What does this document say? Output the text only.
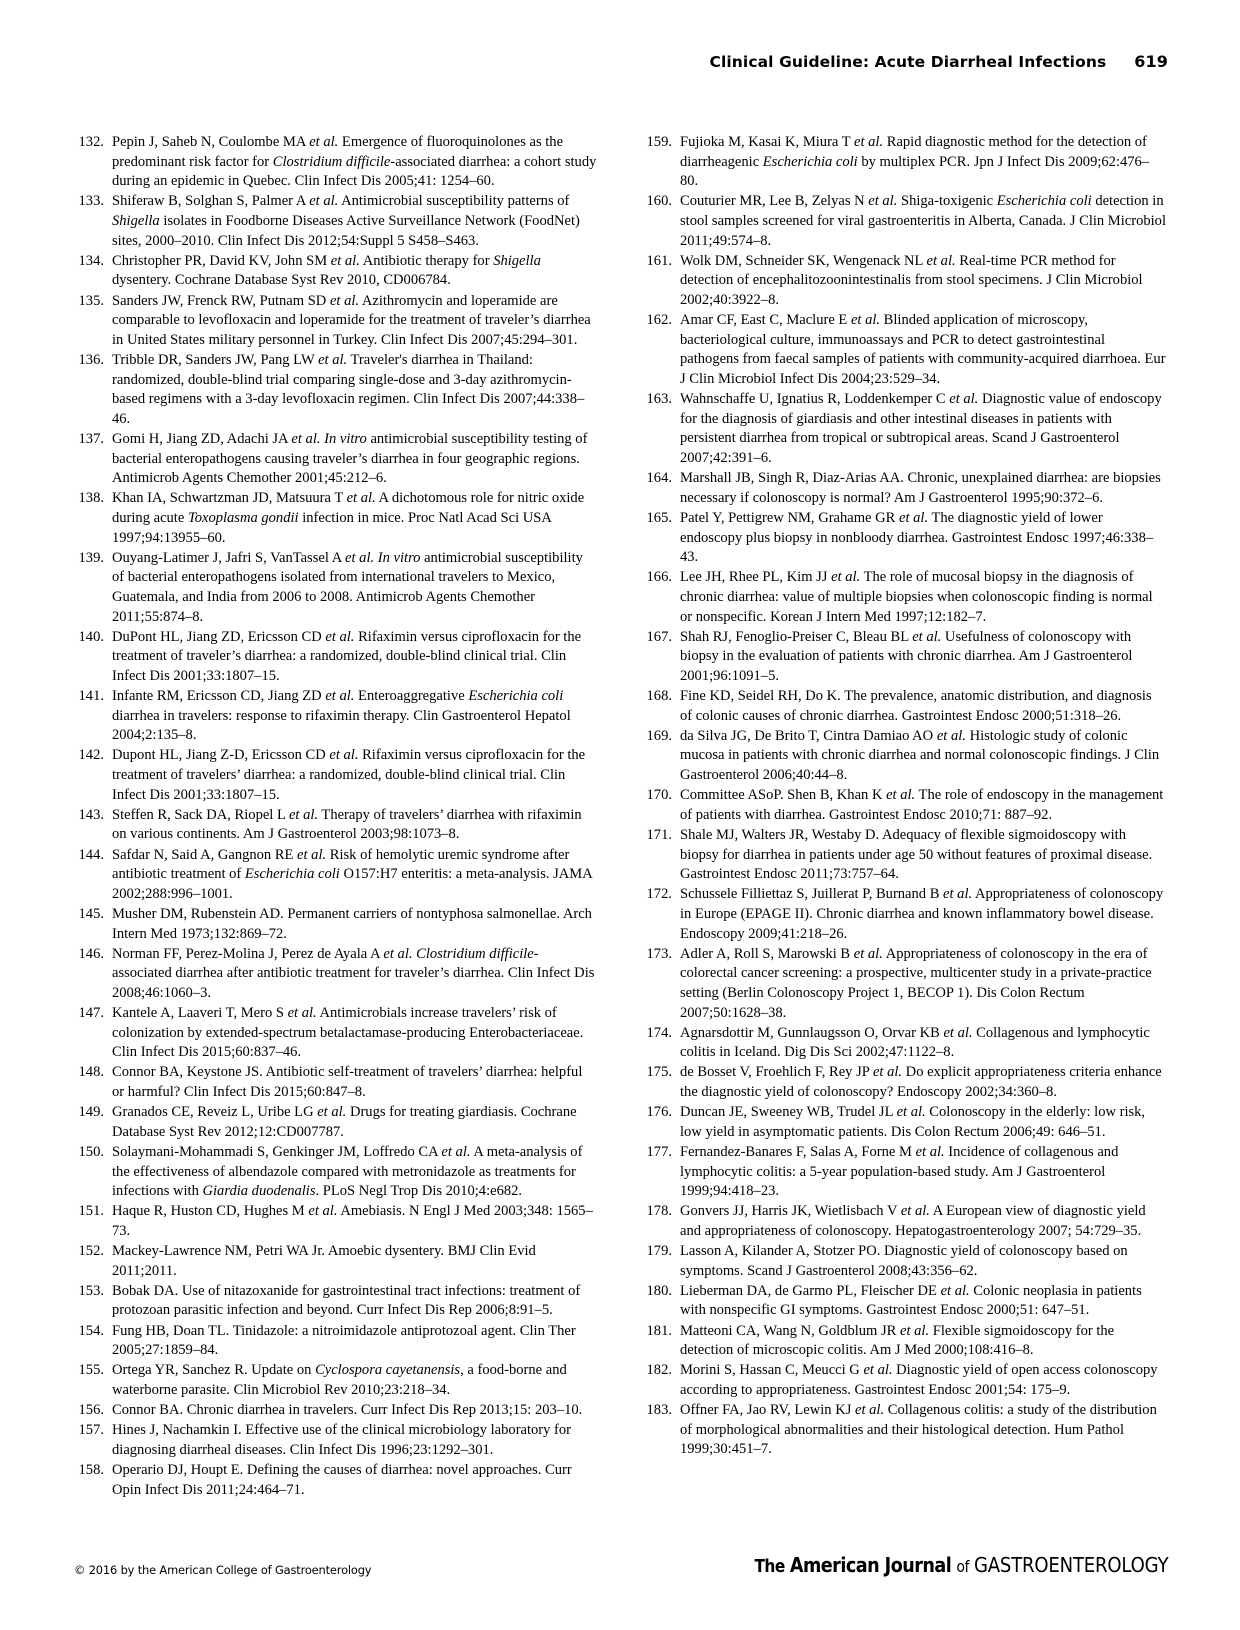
Clinical Guideline: Acute Diarrheal Infections 619
132. Pepin J, Saheb N, Coulombe MA et al. Emergence of fluoroquinolones as the predominant risk factor for Clostridium difficile-associated diarrhea: a cohort study during an epidemic in Quebec. Clin Infect Dis 2005;41: 1254–60.
133. Shiferaw B, Solghan S, Palmer A et al. Antimicrobial susceptibility patterns of Shigella isolates in Foodborne Diseases Active Surveillance Network (FoodNet) sites, 2000–2010. Clin Infect Dis 2012;54:Suppl 5 S458–S463.
134. Christopher PR, David KV, John SM et al. Antibiotic therapy for Shigella dysentery. Cochrane Database Syst Rev 2010, CD006784.
135. Sanders JW, Frenck RW, Putnam SD et al. Azithromycin and loperamide are comparable to levofloxacin and loperamide for the treatment of traveler’s diarrhea in United States military personnel in Turkey. Clin Infect Dis 2007;45:294–301.
136. Tribble DR, Sanders JW, Pang LW et al. Traveler's diarrhea in Thailand: randomized, double-blind trial comparing single-dose and 3-day azithromycin-based regimens with a 3-day levofloxacin regimen. Clin Infect Dis 2007;44:338–46.
137. Gomi H, Jiang ZD, Adachi JA et al. In vitro antimicrobial susceptibility testing of bacterial enteropathogens causing traveler’s diarrhea in four geographic regions. Antimicrob Agents Chemother 2001;45:212–6.
138. Khan IA, Schwartzman JD, Matsuura T et al. A dichotomous role for nitric oxide during acute Toxoplasma gondii infection in mice. Proc Natl Acad Sci USA 1997;94:13955–60.
139. Ouyang-Latimer J, Jafri S, VanTassel A et al. In vitro antimicrobial susceptibility of bacterial enteropathogens isolated from international travelers to Mexico, Guatemala, and India from 2006 to 2008. Antimicrob Agents Chemother 2011;55:874–8.
140. DuPont HL, Jiang ZD, Ericsson CD et al. Rifaximin versus ciprofloxacin for the treatment of traveler’s diarrhea: a randomized, double-blind clinical trial. Clin Infect Dis 2001;33:1807–15.
141. Infante RM, Ericsson CD, Jiang ZD et al. Enteroaggregative Escherichia coli diarrhea in travelers: response to rifaximin therapy. Clin Gastroenterol Hepatol 2004;2:135–8.
142. Dupont HL, Jiang Z-D, Ericsson CD et al. Rifaximin versus ciprofloxacin for the treatment of travelers’ diarrhea: a randomized, double-blind clinical trial. Clin Infect Dis 2001;33:1807–15.
143. Steffen R, Sack DA, Riopel L et al. Therapy of travelers’ diarrhea with rifaximin on various continents. Am J Gastroenterol 2003;98:1073–8.
144. Safdar N, Said A, Gangnon RE et al. Risk of hemolytic uremic syndrome after antibiotic treatment of Escherichia coli O157:H7 enteritis: a meta-analysis. JAMA 2002;288:996–1001.
145. Musher DM, Rubenstein AD. Permanent carriers of nontyphosa salmonellae. Arch Intern Med 1973;132:869–72.
146. Norman FF, Perez-Molina J, Perez de Ayala A et al. Clostridium difficile-associated diarrhea after antibiotic treatment for traveler’s diarrhea. Clin Infect Dis 2008;46:1060–3.
147. Kantele A, Laaveri T, Mero S et al. Antimicrobials increase travelers’ risk of colonization by extended-spectrum betalactamase-producing Enterobacteriaceae. Clin Infect Dis 2015;60:837–46.
148. Connor BA, Keystone JS. Antibiotic self-treatment of travelers’ diarrhea: helpful or harmful? Clin Infect Dis 2015;60:847–8.
149. Granados CE, Reveiz L, Uribe LG et al. Drugs for treating giardiasis. Cochrane Database Syst Rev 2012;12:CD007787.
150. Solaymani-Mohammadi S, Genkinger JM, Loffredo CA et al. A meta-analysis of the effectiveness of albendazole compared with metronidazole as treatments for infections with Giardia duodenalis. PLoS Negl Trop Dis 2010;4:e682.
151. Haque R, Huston CD, Hughes M et al. Amebiasis. N Engl J Med 2003;348: 1565–73.
152. Mackey-Lawrence NM, Petri WA Jr. Amoebic dysentery. BMJ Clin Evid 2011;2011.
153. Bobak DA. Use of nitazoxanide for gastrointestinal tract infections: treatment of protozoan parasitic infection and beyond. Curr Infect Dis Rep 2006;8:91–5.
154. Fung HB, Doan TL. Tinidazole: a nitroimidazole antiprotozoal agent. Clin Ther 2005;27:1859–84.
155. Ortega YR, Sanchez R. Update on Cyclospora cayetanensis, a food-borne and waterborne parasite. Clin Microbiol Rev 2010;23:218–34.
156. Connor BA. Chronic diarrhea in travelers. Curr Infect Dis Rep 2013;15: 203–10.
157. Hines J, Nachamkin I. Effective use of the clinical microbiology laboratory for diagnosing diarrheal diseases. Clin Infect Dis 1996;23:1292–301.
158. Operario DJ, Houpt E. Defining the causes of diarrhea: novel approaches. Curr Opin Infect Dis 2011;24:464–71.
159. Fujioka M, Kasai K, Miura T et al. Rapid diagnostic method for the detection of diarrheagenic Escherichia coli by multiplex PCR. Jpn J Infect Dis 2009;62:476–80.
160. Couturier MR, Lee B, Zelyas N et al. Shiga-toxigenic Escherichia coli detection in stool samples screened for viral gastroenteritis in Alberta, Canada. J Clin Microbiol 2011;49:574–8.
161. Wolk DM, Schneider SK, Wengenack NL et al. Real-time PCR method for detection of encephalitozoonintestinalis from stool specimens. J Clin Microbiol 2002;40:3922–8.
162. Amar CF, East C, Maclure E et al. Blinded application of microscopy, bacteriological culture, immunoassays and PCR to detect gastrointestinal pathogens from faecal samples of patients with community-acquired diarrhoea. Eur J Clin Microbiol Infect Dis 2004;23:529–34.
163. Wahnschaffe U, Ignatius R, Loddenkemper C et al. Diagnostic value of endoscopy for the diagnosis of giardiasis and other intestinal diseases in patients with persistent diarrhea from tropical or subtropical areas. Scand J Gastroenterol 2007;42:391–6.
164. Marshall JB, Singh R, Diaz-Arias AA. Chronic, unexplained diarrhea: are biopsies necessary if colonoscopy is normal? Am J Gastroenterol 1995;90:372–6.
165. Patel Y, Pettigrew NM, Grahame GR et al. The diagnostic yield of lower endoscopy plus biopsy in nonbloody diarrhea. Gastrointest Endosc 1997;46:338–43.
166. Lee JH, Rhee PL, Kim JJ et al. The role of mucosal biopsy in the diagnosis of chronic diarrhea: value of multiple biopsies when colonoscopic finding is normal or nonspecific. Korean J Intern Med 1997;12:182–7.
167. Shah RJ, Fenoglio-Preiser C, Bleau BL et al. Usefulness of colonoscopy with biopsy in the evaluation of patients with chronic diarrhea. Am J Gastroenterol 2001;96:1091–5.
168. Fine KD, Seidel RH, Do K. The prevalence, anatomic distribution, and diagnosis of colonic causes of chronic diarrhea. Gastrointest Endosc 2000;51:318–26.
169. da Silva JG, De Brito T, Cintra Damiao AO et al. Histologic study of colonic mucosa in patients with chronic diarrhea and normal colonoscopic findings. J Clin Gastroenterol 2006;40:44–8.
170. Committee ASoP. Shen B, Khan K et al. The role of endoscopy in the management of patients with diarrhea. Gastrointest Endosc 2010;71: 887–92.
171. Shale MJ, Walters JR, Westaby D. Adequacy of flexible sigmoidoscopy with biopsy for diarrhea in patients under age 50 without features of proximal disease. Gastrointest Endosc 2011;73:757–64.
172. Schussele Filliettaz S, Juillerat P, Burnand B et al. Appropriateness of colonoscopy in Europe (EPAGE II). Chronic diarrhea and known inflammatory bowel disease. Endoscopy 2009;41:218–26.
173. Adler A, Roll S, Marowski B et al. Appropriateness of colonoscopy in the era of colorectal cancer screening: a prospective, multicenter study in a private-practice setting (Berlin Colonoscopy Project 1, BECOP 1). Dis Colon Rectum 2007;50:1628–38.
174. Agnarsdottir M, Gunnlaugsson O, Orvar KB et al. Collagenous and lymphocytic colitis in Iceland. Dig Dis Sci 2002;47:1122–8.
175. de Bosset V, Froehlich F, Rey JP et al. Do explicit appropriateness criteria enhance the diagnostic yield of colonoscopy? Endoscopy 2002;34:360–8.
176. Duncan JE, Sweeney WB, Trudel JL et al. Colonoscopy in the elderly: low risk, low yield in asymptomatic patients. Dis Colon Rectum 2006;49: 646–51.
177. Fernandez-Banares F, Salas A, Forne M et al. Incidence of collagenous and lymphocytic colitis: a 5-year population-based study. Am J Gastroenterol 1999;94:418–23.
178. Gonvers JJ, Harris JK, Wietlisbach V et al. A European view of diagnostic yield and appropriateness of colonoscopy. Hepatogastroenterology 2007; 54:729–35.
179. Lasson A, Kilander A, Stotzer PO. Diagnostic yield of colonoscopy based on symptoms. Scand J Gastroenterol 2008;43:356–62.
180. Lieberman DA, de Garmo PL, Fleischer DE et al. Colonic neoplasia in patients with nonspecific GI symptoms. Gastrointest Endosc 2000;51: 647–51.
181. Matteoni CA, Wang N, Goldblum JR et al. Flexible sigmoidoscopy for the detection of microscopic colitis. Am J Med 2000;108:416–8.
182. Morini S, Hassan C, Meucci G et al. Diagnostic yield of open access colonoscopy according to appropriateness. Gastrointest Endosc 2001;54: 175–9.
183. Offner FA, Jao RV, Lewin KJ et al. Collagenous colitis: a study of the distribution of morphological abnormalities and their histological detection. Hum Pathol 1999;30:451–7.
© 2016 by the American College of Gastroenterology	The American Journal of GASTROENTEROLOGY
